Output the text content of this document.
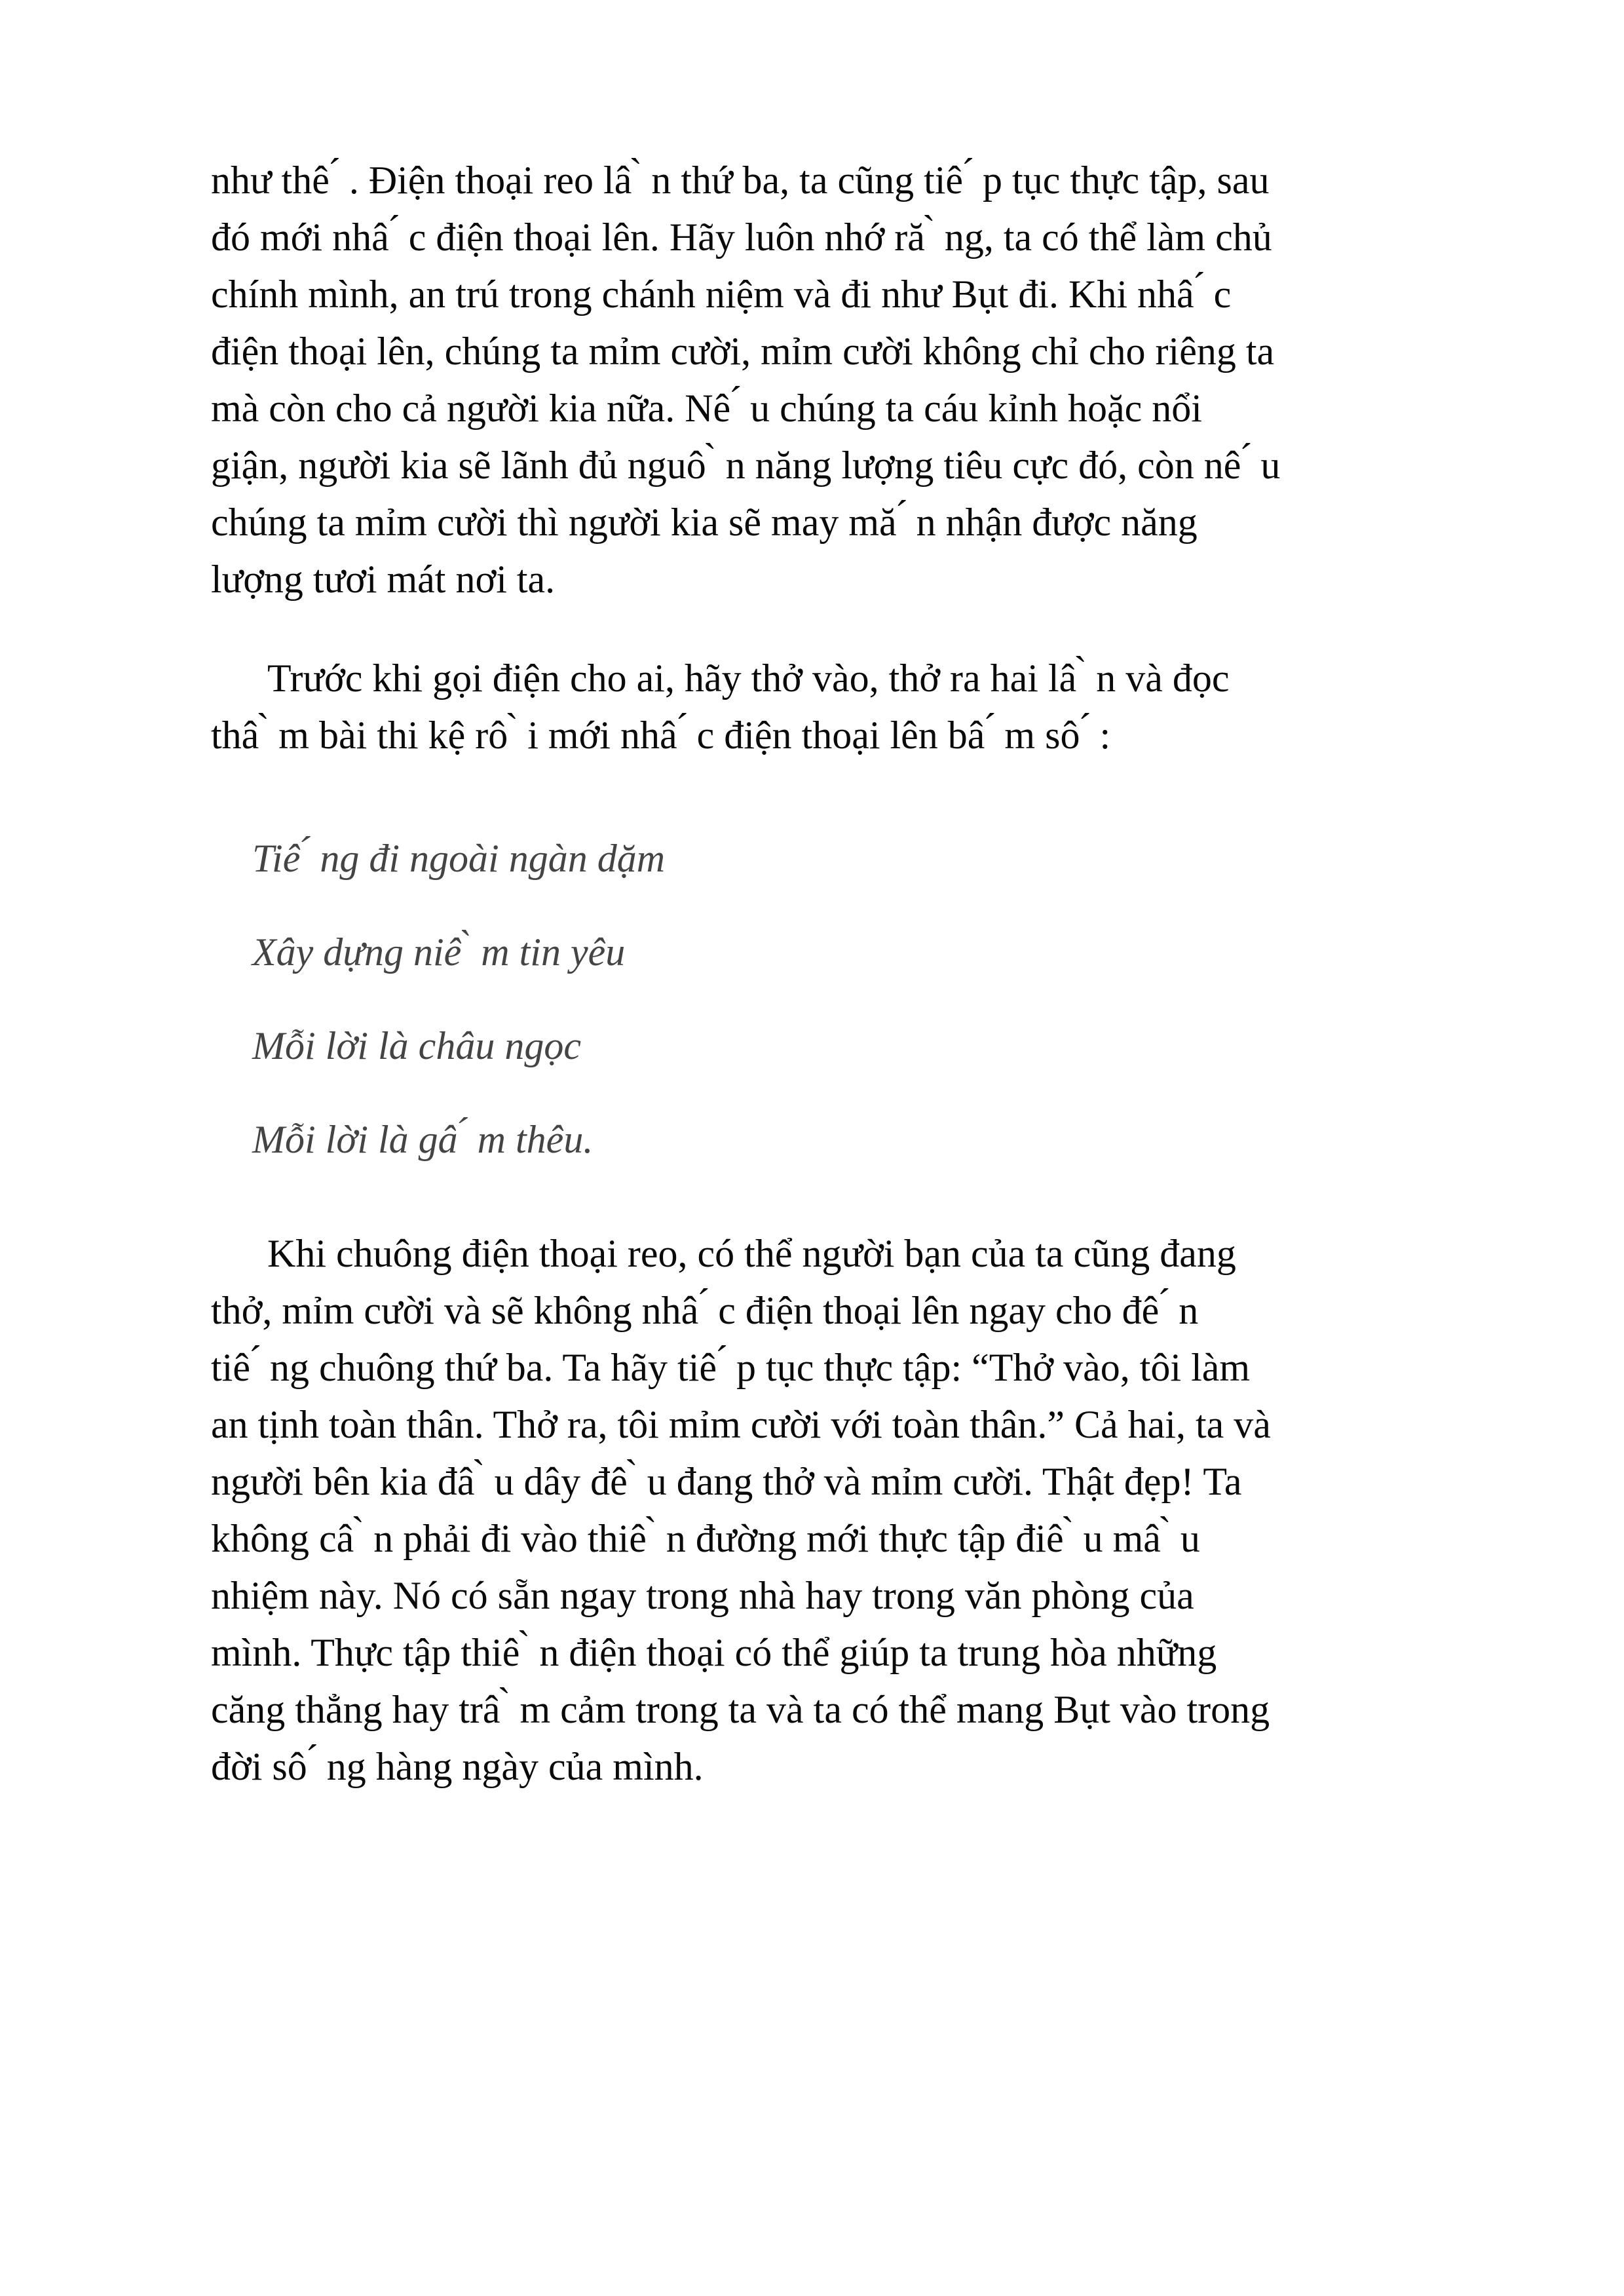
như thê ́ . Điện thoại reo lâ ̀ n thứ ba, ta cũng tiê ́ p tục thực tập, sau
đó mới nhâ ́ c điện thoại lên. Hãy luôn nhớ ră ̀ ng, ta có thể làm chủ
chính mình, an trú trong chánh niệm và đi như Bụt đi. Khi nhâ ́ c
điện thoại lên, chúng ta mỉm cười, mỉm cười không chỉ cho riêng ta
mà còn cho cả người kia nữa. Nê ́ u chúng ta cáu kỉnh hoặc nổi
giận, người kia sẽ lãnh đủ nguô ̀ n năng lượng tiêu cực đó, còn nê ́ u
chúng ta mỉm cười thì người kia sẽ may mă ́ n nhận được năng
lượng tươi mát nơi ta.
Trước khi gọi điện cho ai, hãy thở vào, thở ra hai lâ ̀ n và đọc
thâ ̀ m bài thi kệ rô ̀ i mới nhâ ́ c điện thoại lên bâ ́ m sô ́ :
Tiê ́ ng đi ngoài ngàn dặm
Xây dựng niê ̀ m tin yêu
Mỗi lời là châu ngọc
Mỗi lời là gâ ́ m thêu.
Khi chuông điện thoại reo, có thể người bạn của ta cũng đang
thở, mỉm cười và sẽ không nhâ ́ c điện thoại lên ngay cho đê ́ n
tiê ́ ng chuông thứ ba. Ta hãy tiê ́ p tục thực tập: “Thở vào, tôi làm
an tịnh toàn thân. Thở ra, tôi mỉm cười với toàn thân.” Cả hai, ta và
người bên kia đâ ̀ u dây đê ̀ u đang thở và mỉm cười. Thật đẹp! Ta
không câ ̀ n phải đi vào thiê ̀ n đường mới thực tập điê ̀ u mâ ̀ u
nhiệm này. Nó có sẵn ngay trong nhà hay trong văn phòng của
mình. Thực tập thiê ̀ n điện thoại có thể giúp ta trung hòa những
căng thẳng hay trâ ̀ m cảm trong ta và ta có thể mang Bụt vào trong
đời sô ́ ng hàng ngày của mình.
